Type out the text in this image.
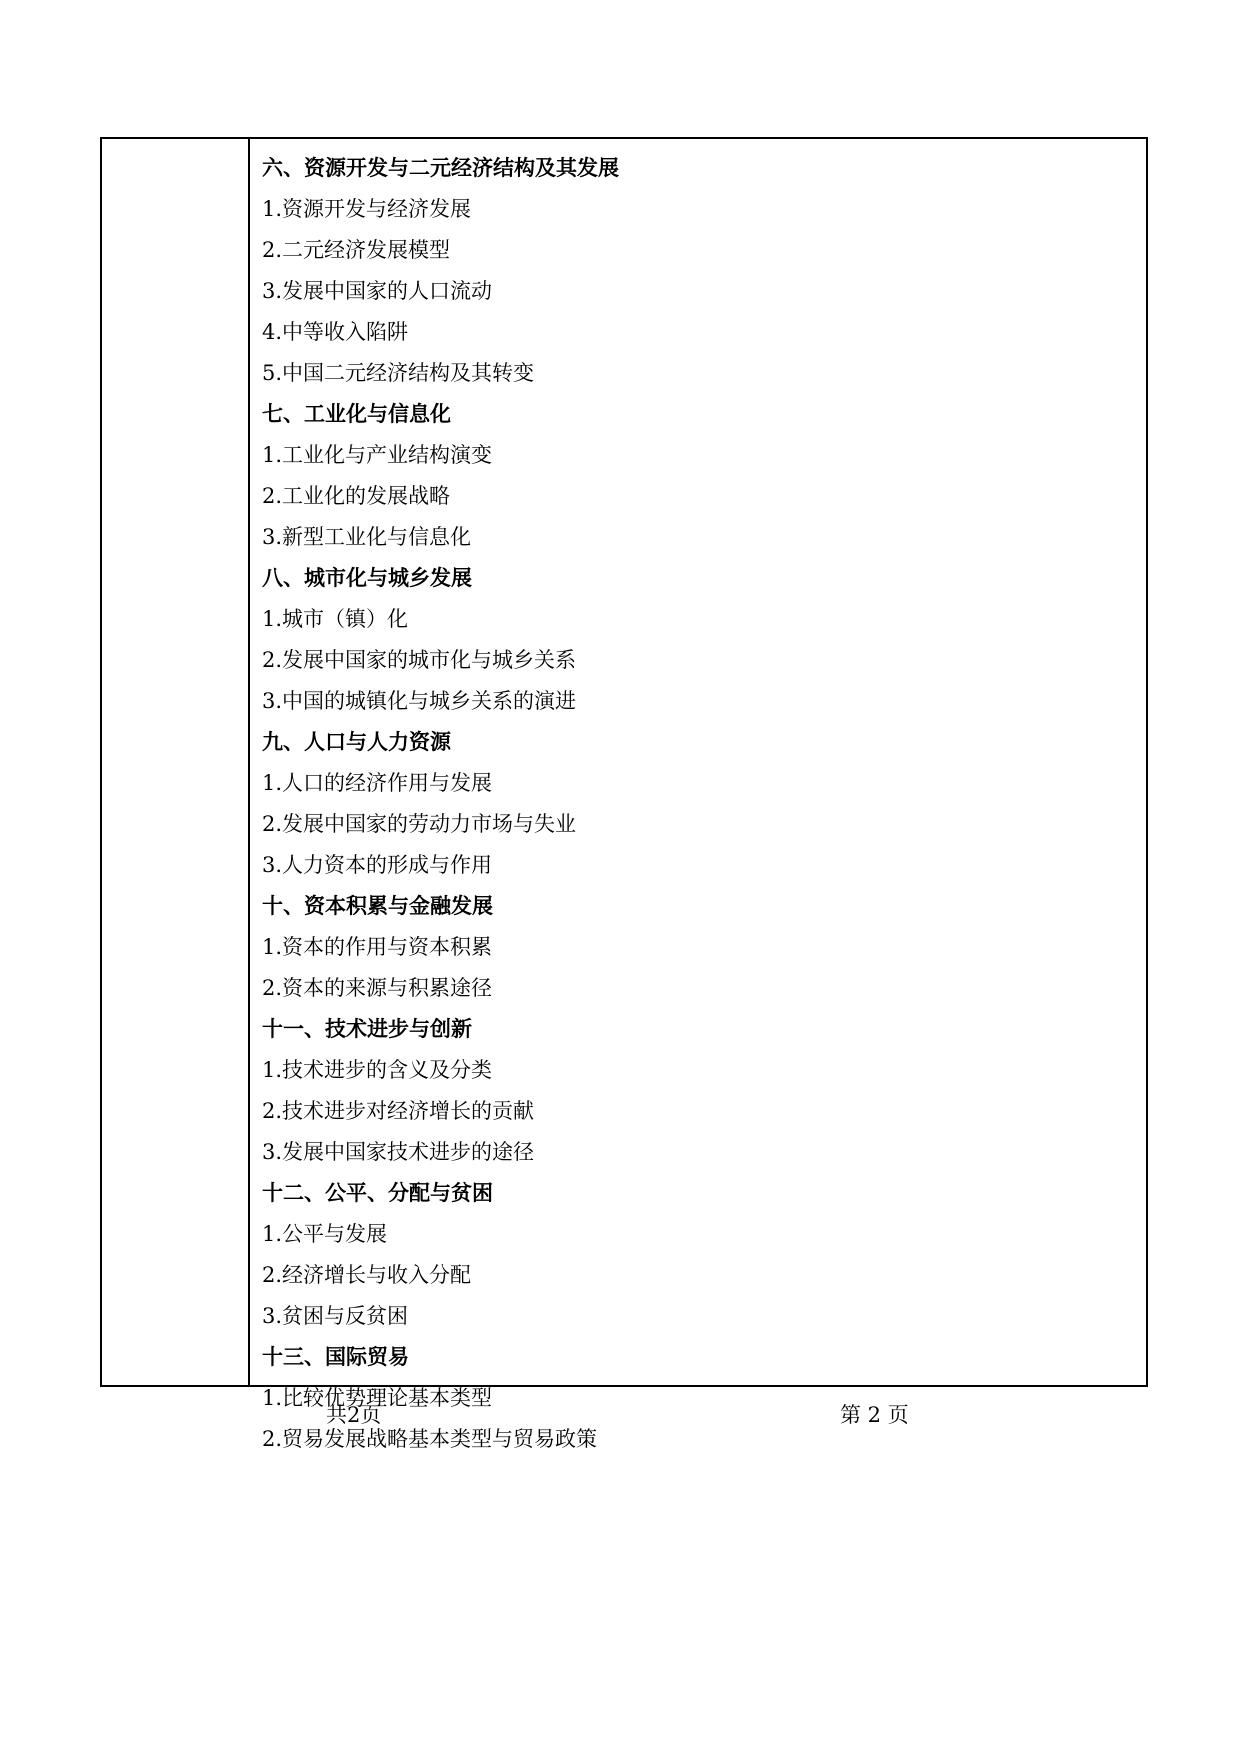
六、资源开发与二元经济结构及其发展
1.资源开发与经济发展
2.二元经济发展模型
3.发展中国家的人口流动
4.中等收入陷阱
5.中国二元经济结构及其转变
七、工业化与信息化
1.工业化与产业结构演变
2.工业化的发展战略
3.新型工业化与信息化
八、城市化与城乡发展
1.城市（镇）化
2.发展中国家的城市化与城乡关系
3.中国的城镇化与城乡关系的演进
九、人口与人力资源
1.人口的经济作用与发展
2.发展中国家的劳动力市场与失业
3.人力资本的形成与作用
十、资本积累与金融发展
1.资本的作用与资本积累
2.资本的来源与积累途径
十一、技术进步与创新
1.技术进步的含义及分类
2.技术进步对经济增长的贡献
3.发展中国家技术进步的途径
十二、公平、分配与贫困
1.公平与发展
2.经济增长与收入分配
3.贫困与反贫困
十三、国际贸易
1.比较优势理论基本类型
2.贸易发展战略基本类型与贸易政策
共2页	第 2 页
